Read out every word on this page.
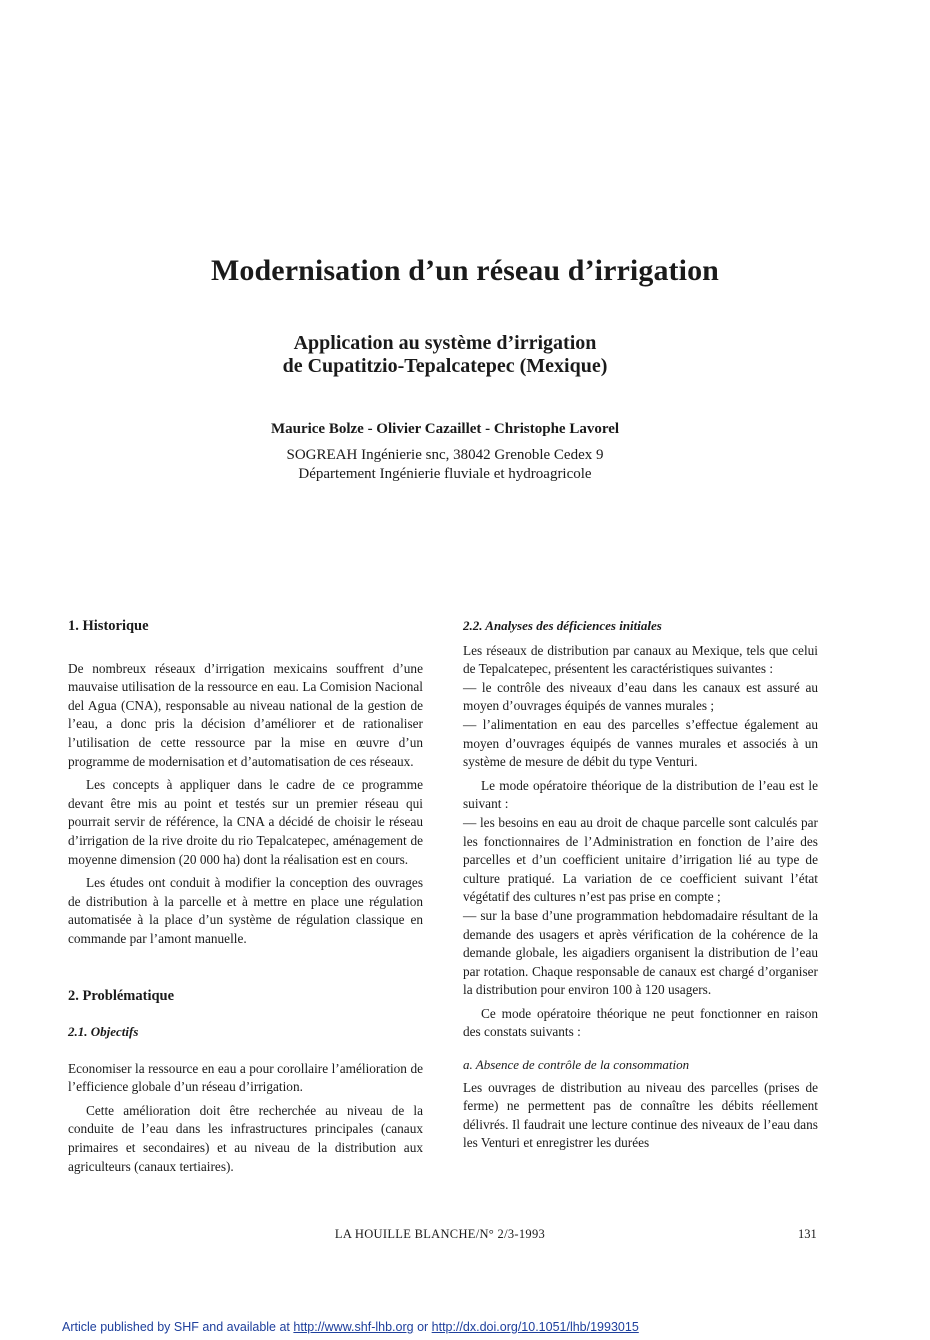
Modernisation d’un réseau d’irrigation
Application au système d’irrigation
de Cupatitzio-Tepalcatepec (Mexique)
Maurice Bolze - Olivier Cazaillet - Christophe Lavorel
SOGREAH Ingénierie snc, 38042 Grenoble Cedex 9
Département Ingénierie fluviale et hydroagricole

1. Historique

De nombreux réseaux d’irrigation mexicains souffrent d’une mauvaise utilisation de la ressource en eau. La Comision Nacional del Agua (CNA), responsable au niveau national de la gestion de l’eau, a donc pris la décision d’améliorer et de rationaliser l’utilisation de cette ressource par la mise en œuvre d’un programme de modernisation et d’automatisation de ces réseaux.

Les concepts à appliquer dans le cadre de ce programme devant être mis au point et testés sur un premier réseau qui pourrait servir de référence, la CNA a décidé de choisir le réseau d’irrigation de la rive droite du rio Tepalcatepec, aménagement de moyenne dimension (20 000 ha) dont la réalisation est en cours.

Les études ont conduit à modifier la conception des ouvrages de distribution à la parcelle et à mettre en place une régulation automatisée à la place d’un système de régulation classique en commande par l’amont manuelle.

2. Problématique

2.1. Objectifs

Economiser la ressource en eau a pour corollaire l’amélioration de l’efficience globale d’un réseau d’irrigation.

Cette amélioration doit être recherchée au niveau de la conduite de l’eau dans les infrastructures principales (canaux primaires et secondaires) et au niveau de la distribution aux agriculteurs (canaux tertiaires).

2.2. Analyses des déficiences initiales

Les réseaux de distribution par canaux au Mexique, tels que celui de Tepalcatepec, présentent les caractéristiques suivantes :

— le contrôle des niveaux d’eau dans les canaux est assuré au moyen d’ouvrages équipés de vannes murales ;

— l’alimentation en eau des parcelles s’effectue également au moyen d’ouvrages équipés de vannes murales et associés à un système de mesure de débit du type Venturi.

Le mode opératoire théorique de la distribution de l’eau est le suivant :

— les besoins en eau au droit de chaque parcelle sont calculés par les fonctionnaires de l’Administration en fonction de l’aire des parcelles et d’un coefficient unitaire d’irrigation lié au type de culture pratiqué. La variation de ce coefficient suivant l’état végétatif des cultures n’est pas prise en compte ;

— sur la base d’une programmation hebdomadaire résultant de la demande des usagers et après vérification de la cohérence de la demande globale, les aigadiers organisent la distribution de l’eau par rotation. Chaque responsable de canaux est chargé d’organiser la distribution pour environ 100 à 120 usagers.

Ce mode opératoire théorique ne peut fonctionner en raison des constats suivants :

a. Absence de contrôle de la consommation

Les ouvrages de distribution au niveau des parcelles (prises de ferme) ne permettent pas de connaître les débits réellement délivrés. Il faudrait une lecture continue des niveaux de l’eau dans les Venturi et enregistrer les durées

LA HOUILLE BLANCHE/N° 2/3-1993	131
Article published by SHF and available at http://www.shf-lhb.org or http://dx.doi.org/10.1051/lhb/1993015
